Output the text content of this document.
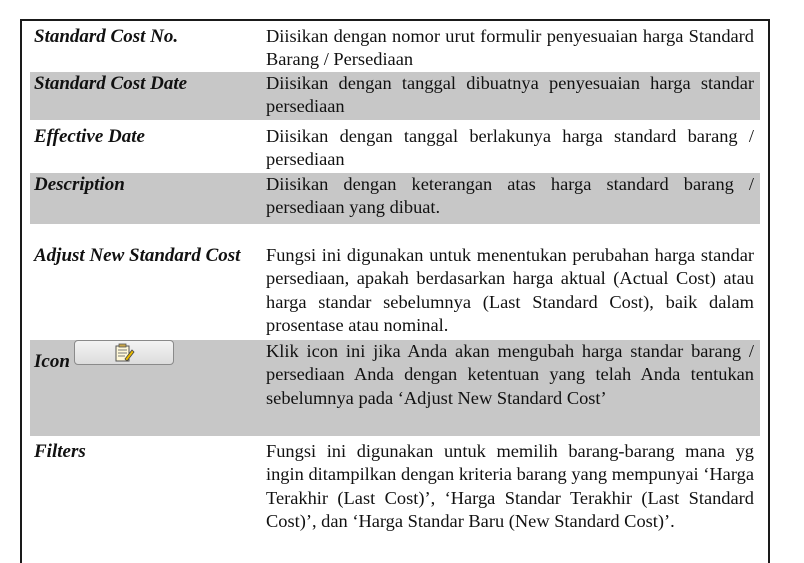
Standard Cost No.	Diisikan dengan nomor urut formulir penyesuaian harga Standard Barang / Persediaan
Standard Cost Date	Diisikan dengan tanggal dibuatnya penyesuaian harga standar persediaan
Effective Date	Diisikan dengan tanggal berlakunya harga standard barang / persediaan
Description	Diisikan dengan keterangan atas harga standard barang / persediaan yang dibuat.
Adjust New Standard Cost	Fungsi ini digunakan untuk menentukan perubahan harga standar persediaan, apakah berdasarkan harga aktual (Actual Cost) atau harga standar sebelumnya (Last Standard Cost), baik dalam prosentase atau nominal.
Icon	Klik icon ini jika Anda akan mengubah harga standar barang / persediaan Anda dengan ketentuan yang telah Anda tentukan sebelumnya pada ‘Adjust New Standard Cost’
Filters	Fungsi ini digunakan untuk memilih barang-barang mana yg ingin ditampilkan dengan kriteria barang yang mempunyai ‘Harga Terakhir (Last Cost)’, ‘Harga Standar Terakhir (Last Standard Cost)’, dan ‘Harga Standar Baru (New Standard Cost)’.
